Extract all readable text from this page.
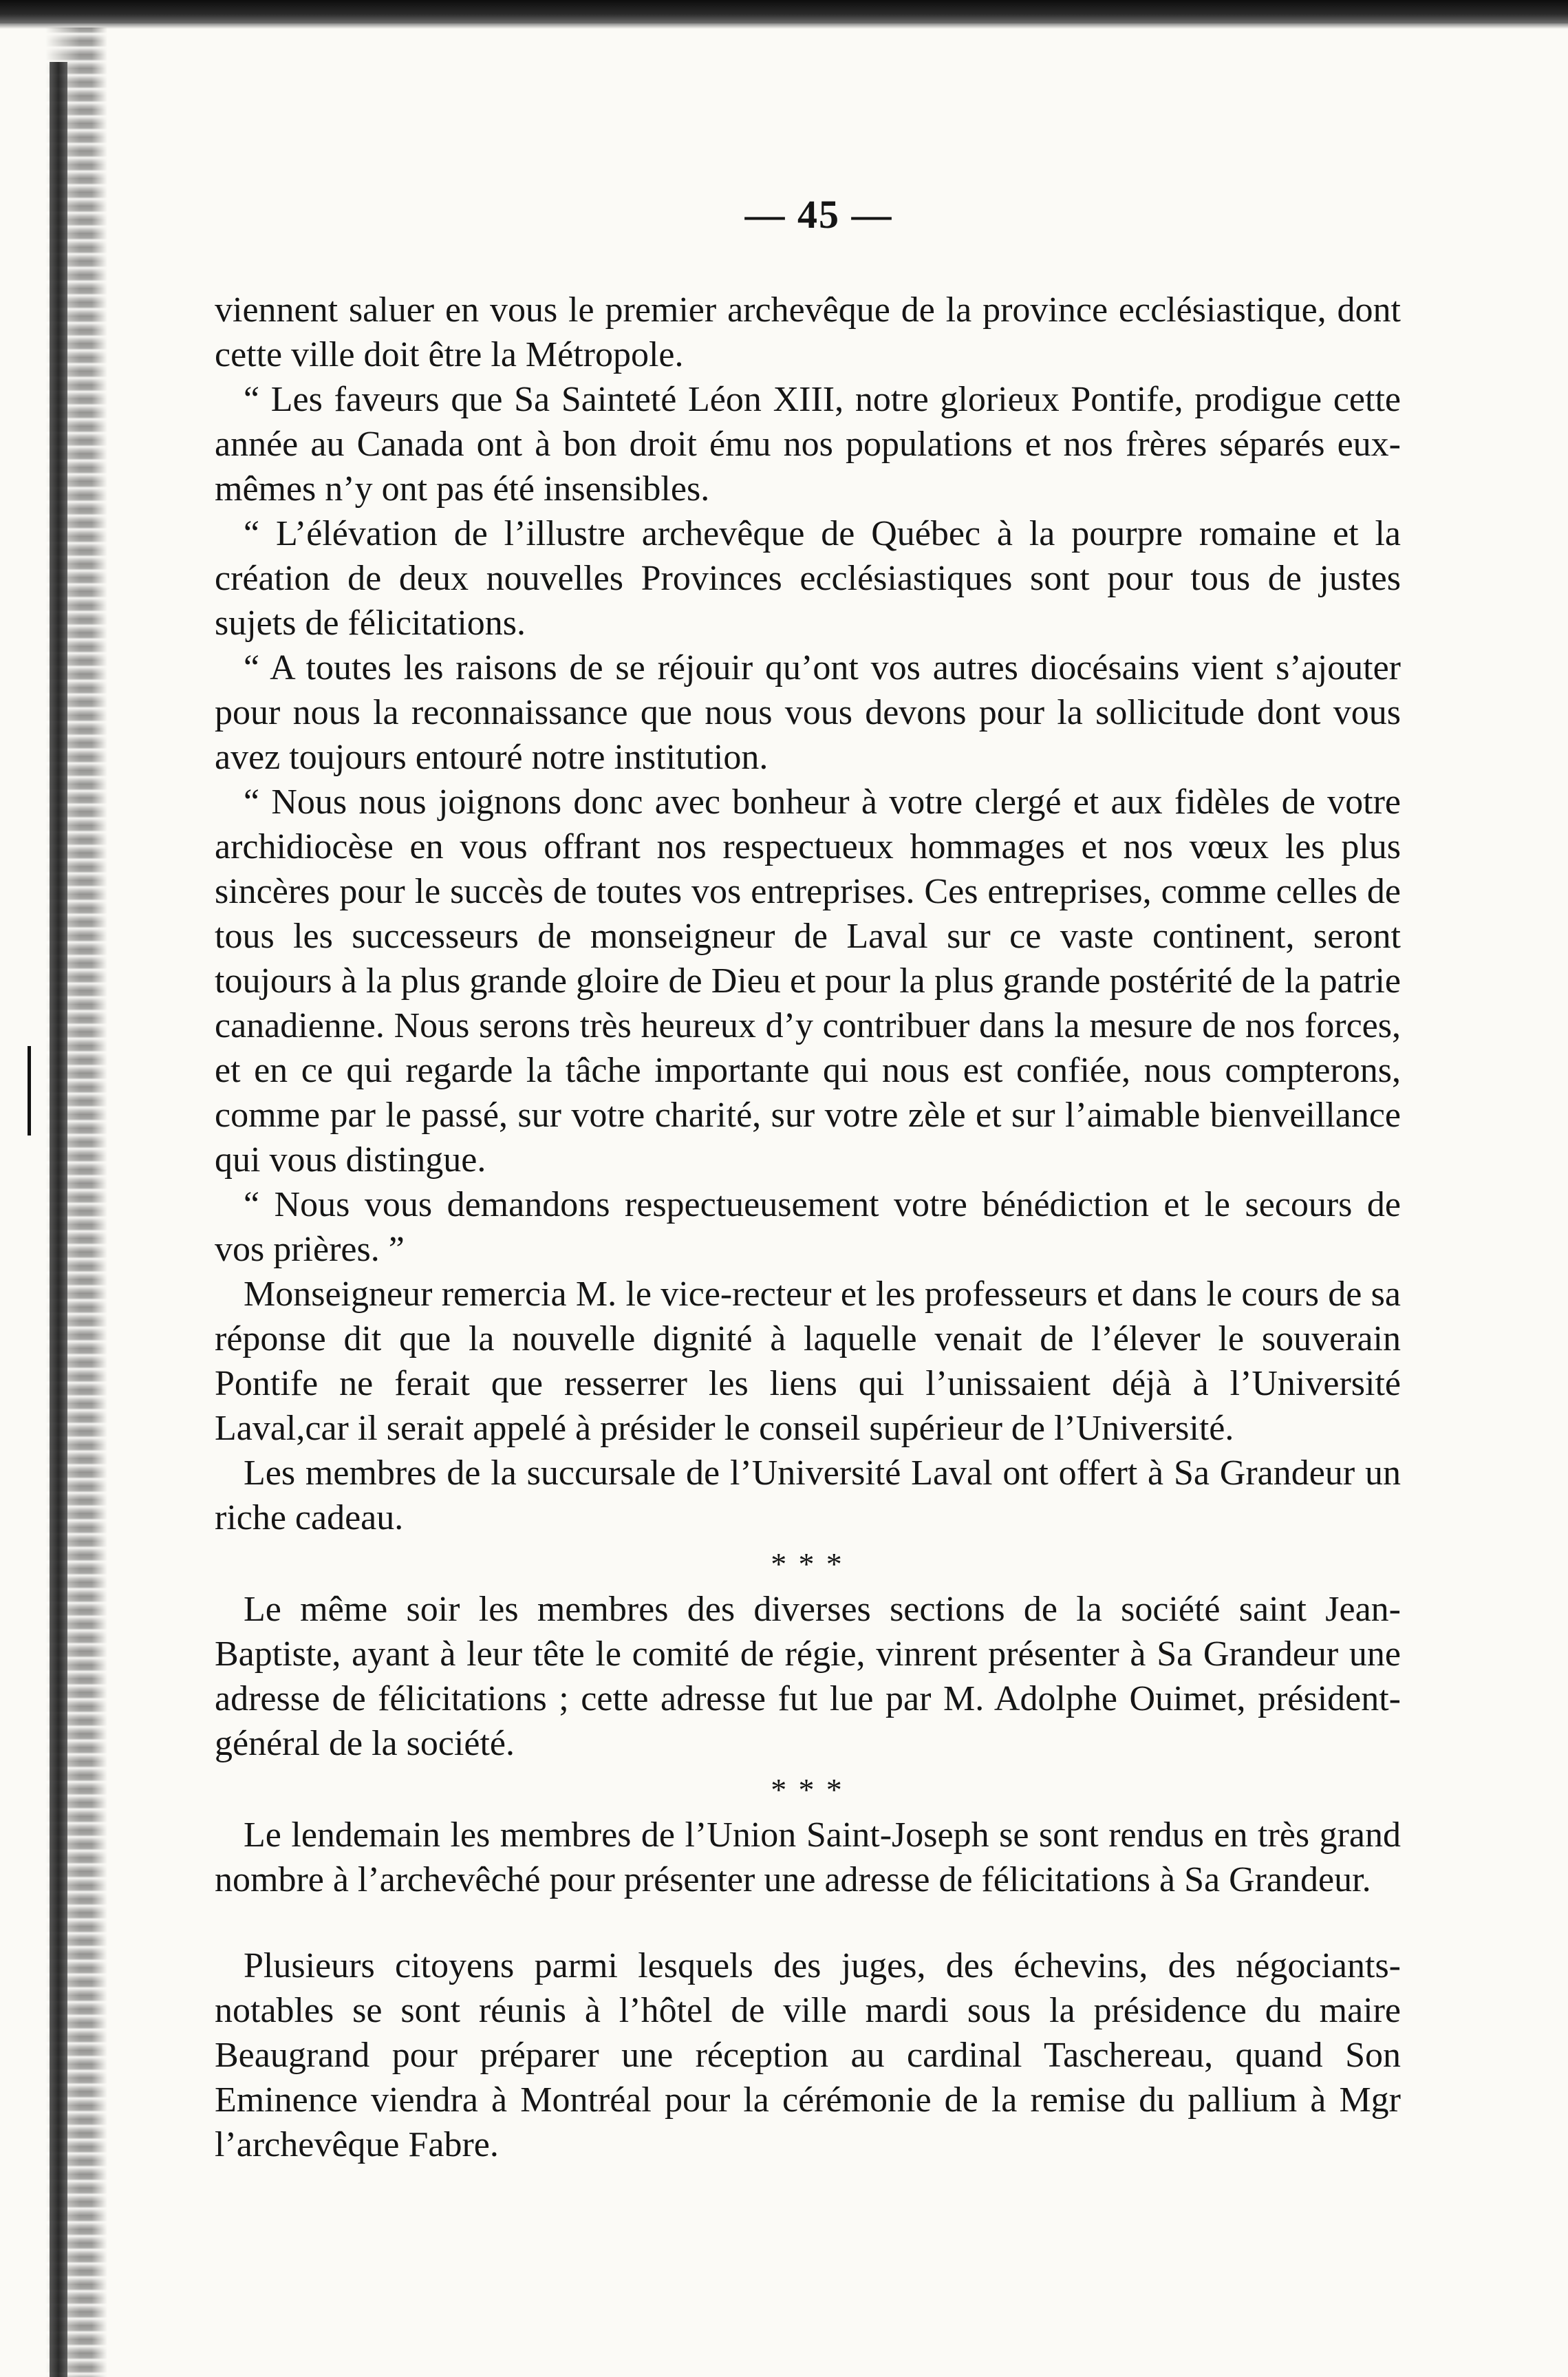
— 45 —

viennent saluer en vous le premier archevêque de la province ecclésiastique, dont cette ville doit être la Métropole.

“ Les faveurs que Sa Sainteté Léon XIII, notre glorieux Pontife, prodigue cette année au Canada ont à bon droit ému nos populations et nos frères séparés eux-mêmes n’y ont pas été insensibles.

“ L’élévation de l’illustre archevêque de Québec à la pourpre romaine et la création de deux nouvelles Provinces ecclésiastiques sont pour tous de justes sujets de félicitations.

“ A toutes les raisons de se réjouir qu’ont vos autres diocésains vient s’ajouter pour nous la reconnaissance que nous vous devons pour la sollicitude dont vous avez toujours entouré notre institution.

“ Nous nous joignons donc avec bonheur à votre clergé et aux fidèles de votre archidiocèse en vous offrant nos respectueux hommages et nos vœux les plus sincères pour le succès de toutes vos entreprises. Ces entreprises, comme celles de tous les successeurs de monseigneur de Laval sur ce vaste continent, seront toujours à la plus grande gloire de Dieu et pour la plus grande postérité de la patrie canadienne. Nous serons très heureux d’y contribuer dans la mesure de nos forces, et en ce qui regarde la tâche importante qui nous est confiée, nous compterons, comme par le passé, sur votre charité, sur votre zèle et sur l’aimable bienveillance qui vous distingue.

“ Nous vous demandons respectueusement votre bénédiction et le secours de vos prières. ”

Monseigneur remercia M. le vice-recteur et les professeurs et dans le cours de sa réponse dit que la nouvelle dignité à laquelle venait de l’élever le souverain Pontife ne ferait que resserrer les liens qui l’unissaient déjà à l’Université Laval,car il serait appelé à présider le conseil supérieur de l’Université.

Les membres de la succursale de l’Université Laval ont offert à Sa Grandeur un riche cadeau.

* * *

Le même soir les membres des diverses sections de la société saint Jean-Baptiste, ayant à leur tête le comité de régie, vinrent présenter à Sa Grandeur une adresse de félicitations ; cette adresse fut lue par M. Adolphe Ouimet, président-général de la société.

* * *

Le lendemain les membres de l’Union Saint-Joseph se sont rendus en très grand nombre à l’archevêché pour présenter une adresse de félicitations à Sa Grandeur.

Plusieurs citoyens parmi lesquels des juges, des échevins, des négociants-notables se sont réunis à l’hôtel de ville mardi sous la présidence du maire Beaugrand pour préparer une réception au cardinal Taschereau, quand Son Eminence viendra à Montréal pour la cérémonie de la remise du pallium à Mgr l’archevêque Fabre.
